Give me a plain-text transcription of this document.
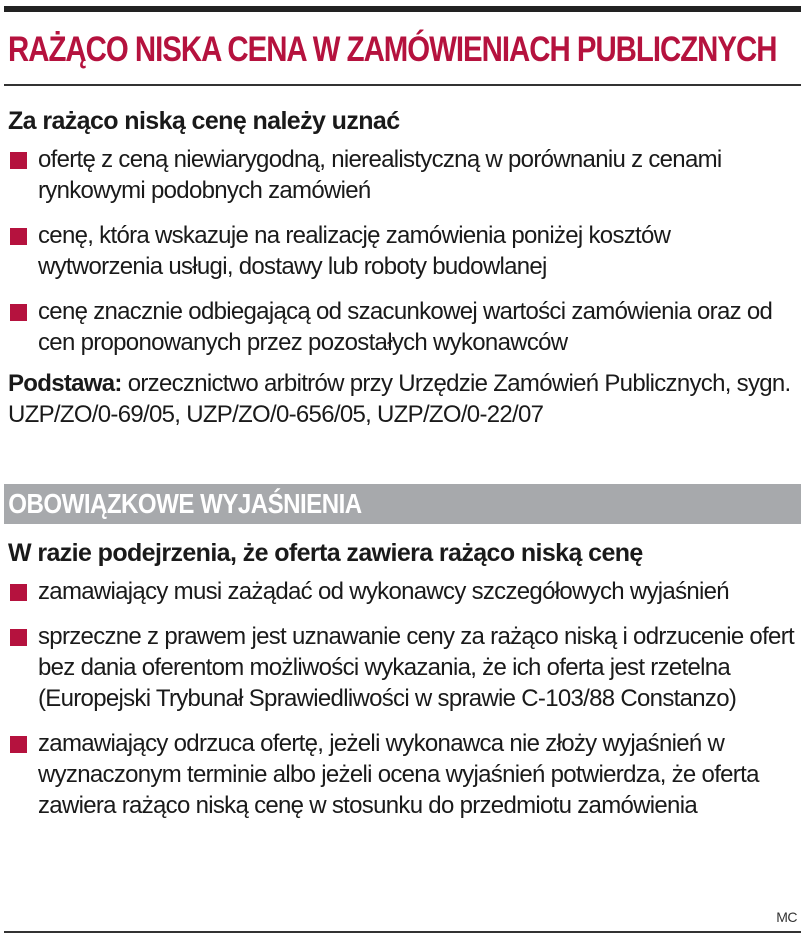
RAŻĄCO NISKA CENA W ZAMÓWIENIACH PUBLICZNYCH
Za rażąco niską cenę należy uznać
ofertę z ceną niewiarygodną, nierealistyczną w porównaniu z cenami rynkowymi podobnych zamówień
cenę, która wskazuje na realizację zamówienia poniżej kosztów wytworzenia usługi, dostawy lub roboty budowlanej
cenę znacznie odbiegającą od szacunkowej wartości zamówienia oraz od cen proponowanych przez pozostałych wykonawców
Podstawa: orzecznictwo arbitrów przy Urzędzie Zamówień Publicznych, sygn. UZP/ZO/0-69/05, UZP/ZO/0-656/05, UZP/ZO/0-22/07
OBOWIĄZKOWE WYJAŚNIENIA
W razie podejrzenia, że oferta zawiera rażąco niską cenę
zamawiający musi zażądać od wykonawcy szczegółowych wyjaśnień
sprzeczne z prawem jest uznawanie ceny za rażąco niską i odrzucenie ofert bez dania oferentom możliwości wykazania, że ich oferta jest rzetelna (Europejski Trybunał Sprawiedliwości w sprawie C-103/88 Constanzo)
zamawiający odrzuca ofertę, jeżeli wykonawca nie złoży wyjaśnień w wyznaczonym terminie albo jeżeli ocena wyjaśnień potwierdza, że oferta zawiera rażąco niską cenę w stosunku do przedmiotu zamówienia
MC
